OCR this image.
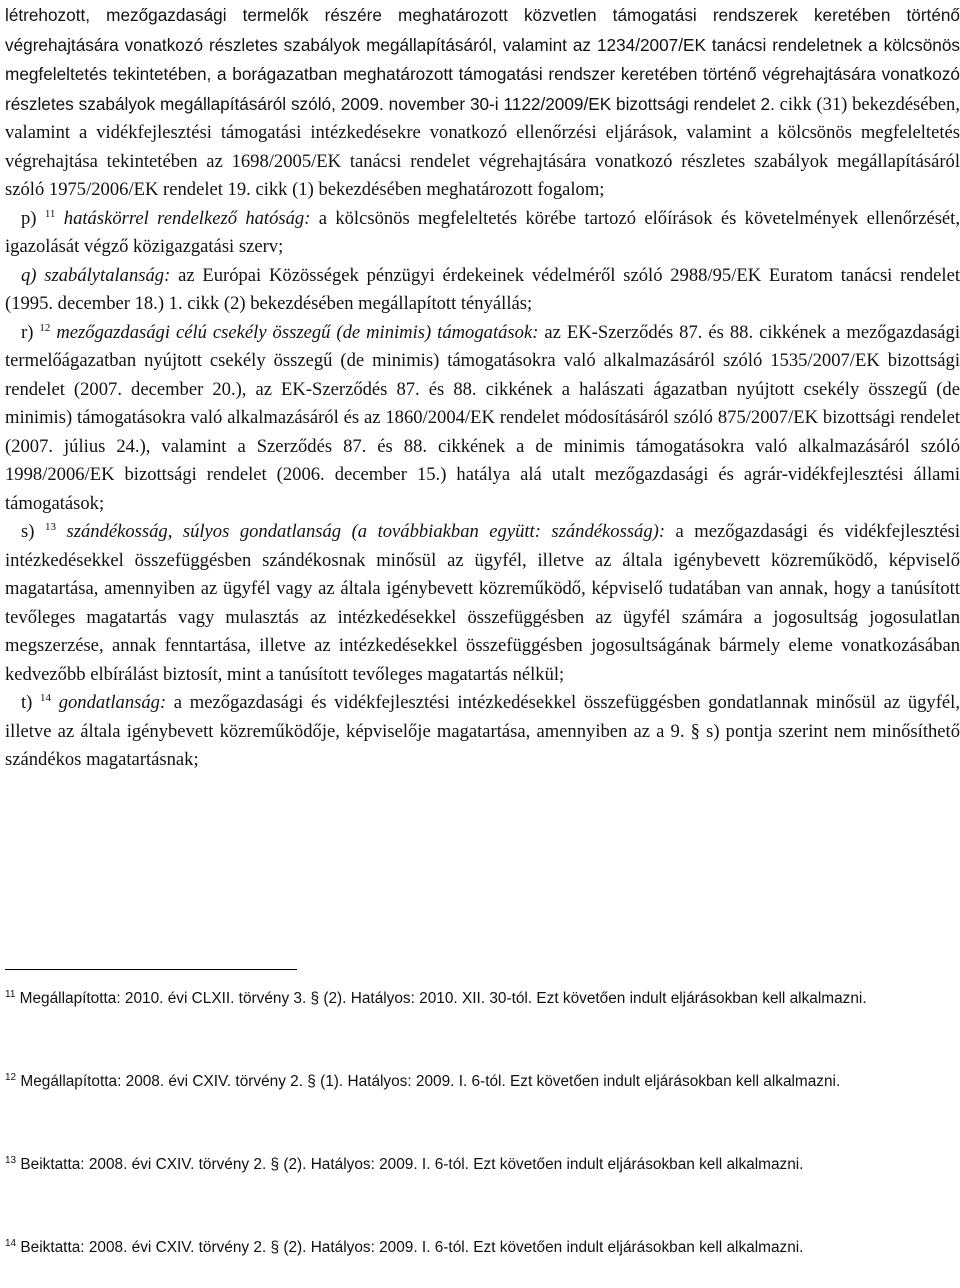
létrehozott, mezőgazdasági termelők részére meghatározott közvetlen támogatási rendszerek keretében történő végrehajtására vonatkozó részletes szabályok megállapításáról, valamint az 1234/2007/EK tanácsi rendeletnek a kölcsönös megfeleltetés tekintetében, a borágazatban meghatározott támogatási rendszer keretében történő végrehajtására vonatkozó részletes szabályok megállapításáról szóló, 2009. november 30-i 1122/2009/EK bizottsági rendelet 2. cikk (31) bekezdésében, valamint a vidékfejlesztési támogatási intézkedésekre vonatkozó ellenőrzési eljárások, valamint a kölcsönös megfeleltetés végrehajtása tekintetében az 1698/2005/EK tanácsi rendelet végrehajtására vonatkozó részletes szabályok megállapításáról szóló 1975/2006/EK rendelet 19. cikk (1) bekezdésében meghatározott fogalom;

p) $^{11}$ hatáskörrel rendelkező hatóság: a kölcsönös megfeleltetés körébe tartozó előírások és követelmények ellenőrzését, igazolását végző közigazgatási szerv;

q) szabálytalanság: az Európai Közösségek pénzügyi érdekeinek védelméről szóló 2988/95/EK Euratom tanácsi rendelet (1995. december 18.) 1. cikk (2) bekezdésében megállapított tényállás;

r) $^{12}$ mezőgazdasági célú csekély összegű (de minimis) támogatások: az EK-Szerződés 87. és 88. cikkének a mezőgazdasági termelőágazatban nyújtott csekély összegű (de minimis) támogatásokra való alkalmazásáról szóló 1535/2007/EK bizottsági rendelet (2007. december 20.), az EK-Szerződés 87. és 88. cikkének a halászati ágazatban nyújtott csekély összegű (de minimis) támogatásokra való alkalmazásáról és az 1860/2004/EK rendelet módosításáról szóló 875/2007/EK bizottsági rendelet (2007. július 24.), valamint a Szerződés 87. és 88. cikkének a de minimis támogatásokra való alkalmazásáról szóló 1998/2006/EK bizottsági rendelet (2006. december 15.) hatálya alá utalt mezőgazdasági és agrár-vidékfejlesztési állami támogatások;

s) $^{13}$ szándékosság, súlyos gondatlanság (a továbbiakban együtt: szándékosság): a mezőgazdasági és vidékfejlesztési intézkedésekkel összefüggésben szándékosnak minősül az ügyfél, illetve az általa igénybevett közreműködő, képviselő magatartása, amennyiben az ügyfél vagy az általa igénybevett közreműködő, képviselő tudatában van annak, hogy a tanúsított tevőleges magatartás vagy mulasztás az intézkedésekkel összefüggésben az ügyfél számára a jogosultság jogosulatlan megszerzése, annak fenntartása, illetve az intézkedésekkel összefüggésben jogosultságának bármely eleme vonatkozásában kedvezőbb elbírálást biztosít, mint a tanúsított tevőleges magatartás nélkül;

t) $^{14}$ gondatlanság: a mezőgazdasági és vidékfejlesztési intézkedésekkel összefüggésben gondatlannak minősül az ügyfél, illetve az általa igénybevett közreműködője, képviselője magatartása, amennyiben az a 9. § s) pontja szerint nem minősíthető szándékos magatartásnak;

$^{11}$ Megállapította: 2010. évi CLXII. törvény 3. § (2). Hatályos: 2010. XII. 30-tól. Ezt követően indult eljárásokban kell alkalmazni.
$^{12}$ Megállapította: 2008. évi CXIV. törvény 2. § (1). Hatályos: 2009. I. 6-tól. Ezt követően indult eljárásokban kell alkalmazni.
$^{13}$ Beiktatta: 2008. évi CXIV. törvény 2. § (2). Hatályos: 2009. I. 6-tól. Ezt követően indult eljárásokban kell alkalmazni.
$^{14}$ Beiktatta: 2008. évi CXIV. törvény 2. § (2). Hatályos: 2009. I. 6-tól. Ezt követően indult eljárásokban kell alkalmazni.
